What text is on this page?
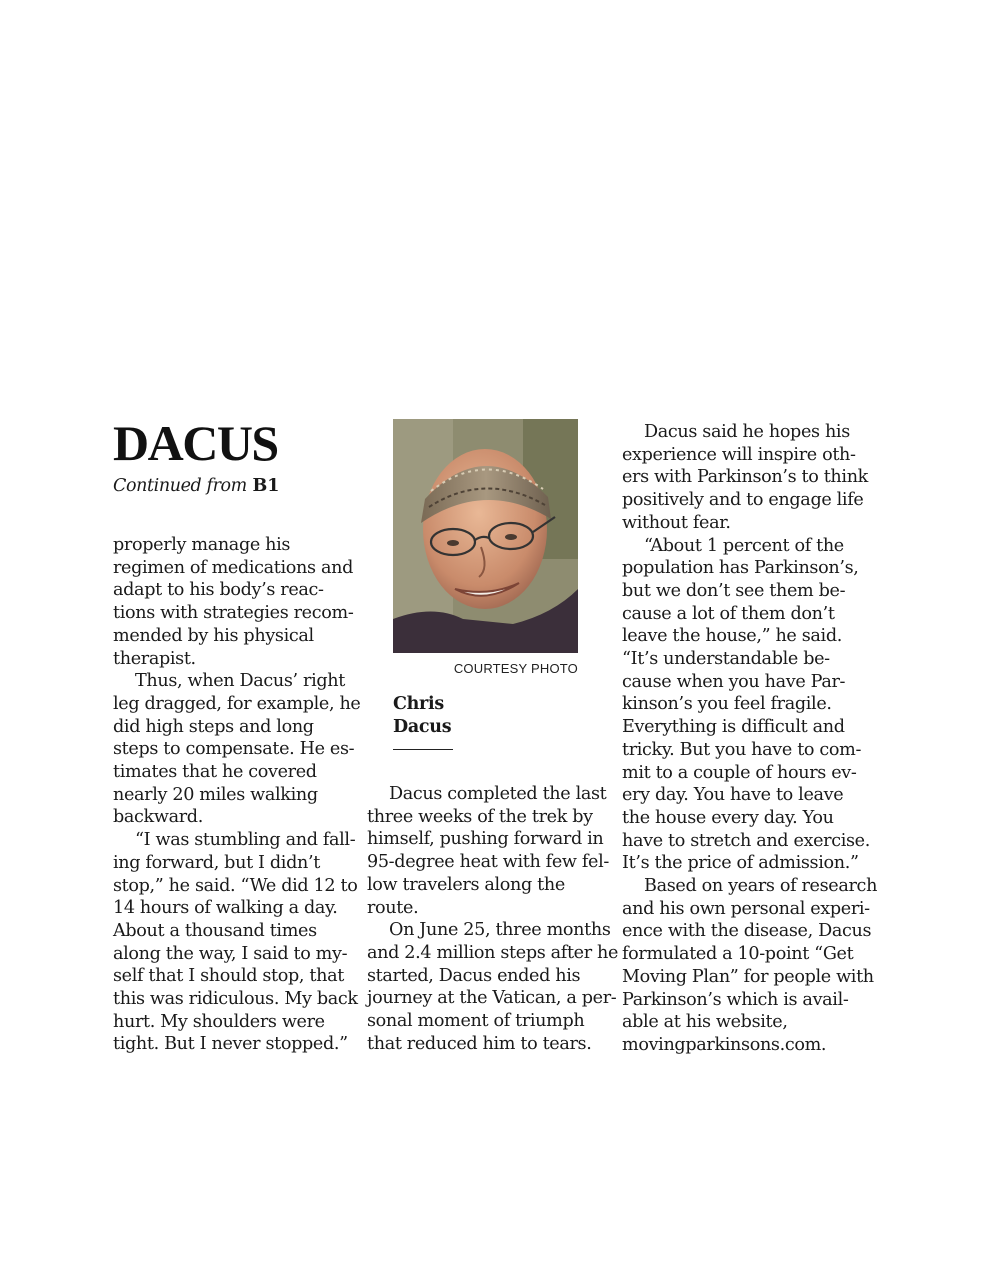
DACUS
Continued from B1

properly manage his

regimen of medications and

adapt to his body’s reac-

tions with strategies recom-

mended by his physical

therapist.

Thus, when Dacus’ right

leg dragged, for example, he

did high steps and long

steps to compensate. He es-

timates that he covered

nearly 20 miles walking

backward.

“I was stumbling and fall-

ing forward, but I didn’t

stop,” he said. “We did 12 to

14 hours of walking a day.

About a thousand times

along the way, I said to my-

self that I should stop, that

this was ridiculous. My back

hurt. My shoulders were

tight. But I never stopped.”

COURTESY PHOTO
Chris
Dacus

Dacus completed the last

three weeks of the trek by

himself, pushing forward in

95-degree heat with few fel-

low travelers along the

route.

On June 25, three months

and 2.4 million steps after he

started, Dacus ended his

journey at the Vatican, a per-

sonal moment of triumph

that reduced him to tears.

Dacus said he hopes his

experience will inspire oth-

ers with Parkinson’s to think

positively and to engage life

without fear.

“About 1 percent of the

population has Parkinson’s,

but we don’t see them be-

cause a lot of them don’t

leave the house,” he said.

“It’s understandable be-

cause when you have Par-

kinson’s you feel fragile.

Everything is difficult and

tricky. But you have to com-

mit to a couple of hours ev-

ery day. You have to leave

the house every day. You

have to stretch and exercise.

It’s the price of admission.”

Based on years of research

and his own personal experi-

ence with the disease, Dacus

formulated a 10-point “Get

Moving Plan” for people with

Parkinson’s which is avail-

able at his website,

movingparkinsons.com.
